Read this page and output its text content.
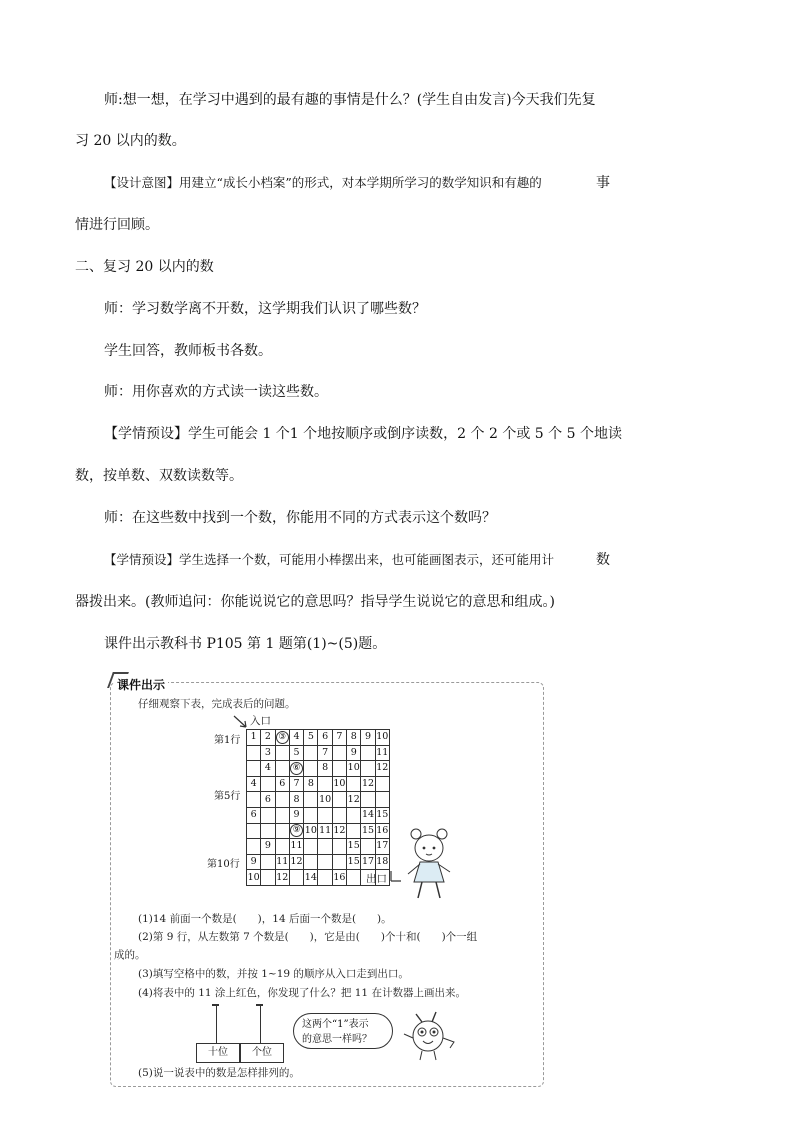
师:想一想，在学习中遇到的最有趣的事情是什么？(学生自由发言)今天我们先复
习 20 以内的数。
【设计意图】用建立“成长小档案”的形式，对本学期所学习的数学知识和有趣的	事
情进行回顾。
二、复习 20 以内的数
师：学习数学离不开数，这学期我们认识了哪些数？
学生回答，教师板书各数。
师：用你喜欢的方式读一读这些数。
【学情预设】学生可能会 1 个1 个地按顺序或倒序读数，2 个 2 个或 5 个 5 个地读
数，按单数、双数读数等。
师：在这些数中找到一个数，你能用不同的方式表示这个数吗？
【学情预设】学生选择一个数，可能用小棒摆出来，也可能画图表示，还可能用计	数
器拨出来。(教师追问：你能说说它的意思吗？指导学生说说它的意思和组成。)
课件出示教科书 P105 第 1 题第(1)~(5)题。
课件出示
仔细观察下表，完成表后的问题。
入口
第1行
第5行
第10行
1	2	③	4	5	6	7	8	9	10
	3		5		7		9		11
	4		⑥		8		10		12
4		6	7	8		10		12	
	6		8		10		12		
6			9					14	15
			⑨	10	11	12		15	16
	9		11				15		17
9		11	12				15	17	18
10		12		14		16			出口
(1)14 前面一个数是(　　)，14 后面一个数是(　　)。
(2)第 9 行，从左数第 7 个数是(　　)，它是由(　　)个十和(　　)个一组
成的。
(3)填写空格中的数，并按 1~19 的顺序从入口走到出口。
(4)将表中的 11 涂上红色，你发现了什么？把 11 在计数器上画出来。
十位	个位
这两个“1”表示
的意思一样吗？
(5)说一说表中的数是怎样排列的。
